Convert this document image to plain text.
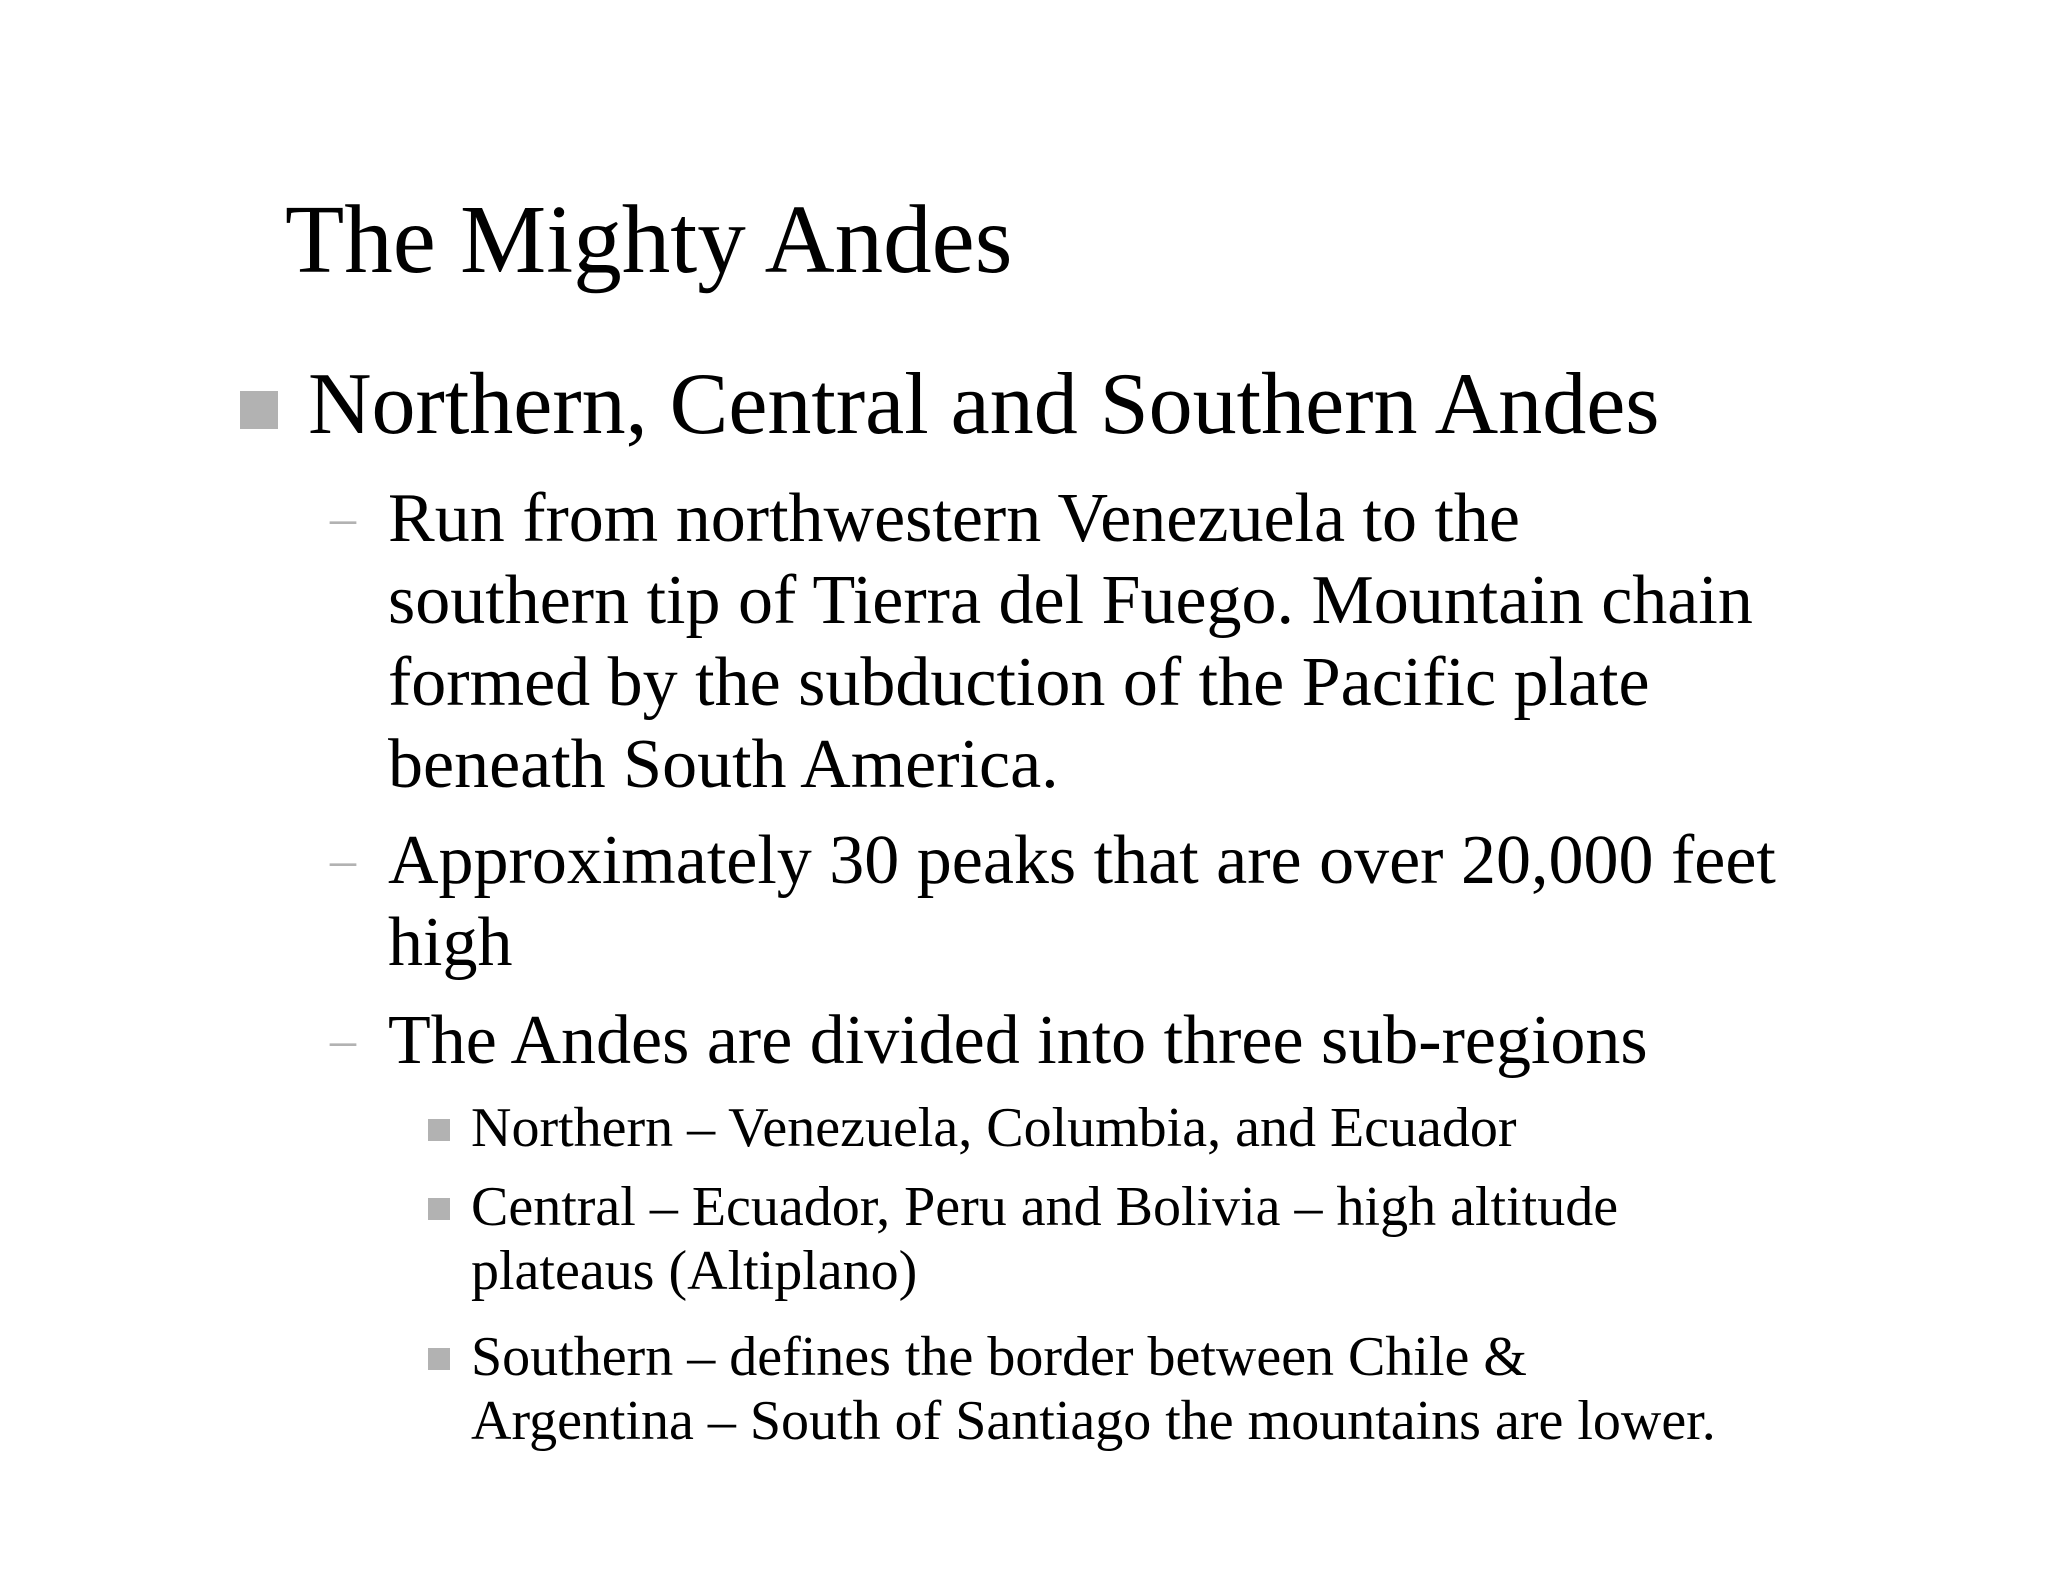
The Mighty Andes
Northern, Central and Southern Andes
– Run from northwestern Venezuela to the
southern tip of Tierra del Fuego. Mountain chain
formed by the subduction of the Pacific plate
beneath South America.
– Approximately 30 peaks that are over 20,000 feet
high
– The Andes are divided into three sub-regions
Northern – Venezuela, Columbia, and Ecuador
Central – Ecuador, Peru and Bolivia – high altitude
plateaus (Altiplano)
Southern – defines the border between Chile &
Argentina – South of Santiago the mountains are lower.
